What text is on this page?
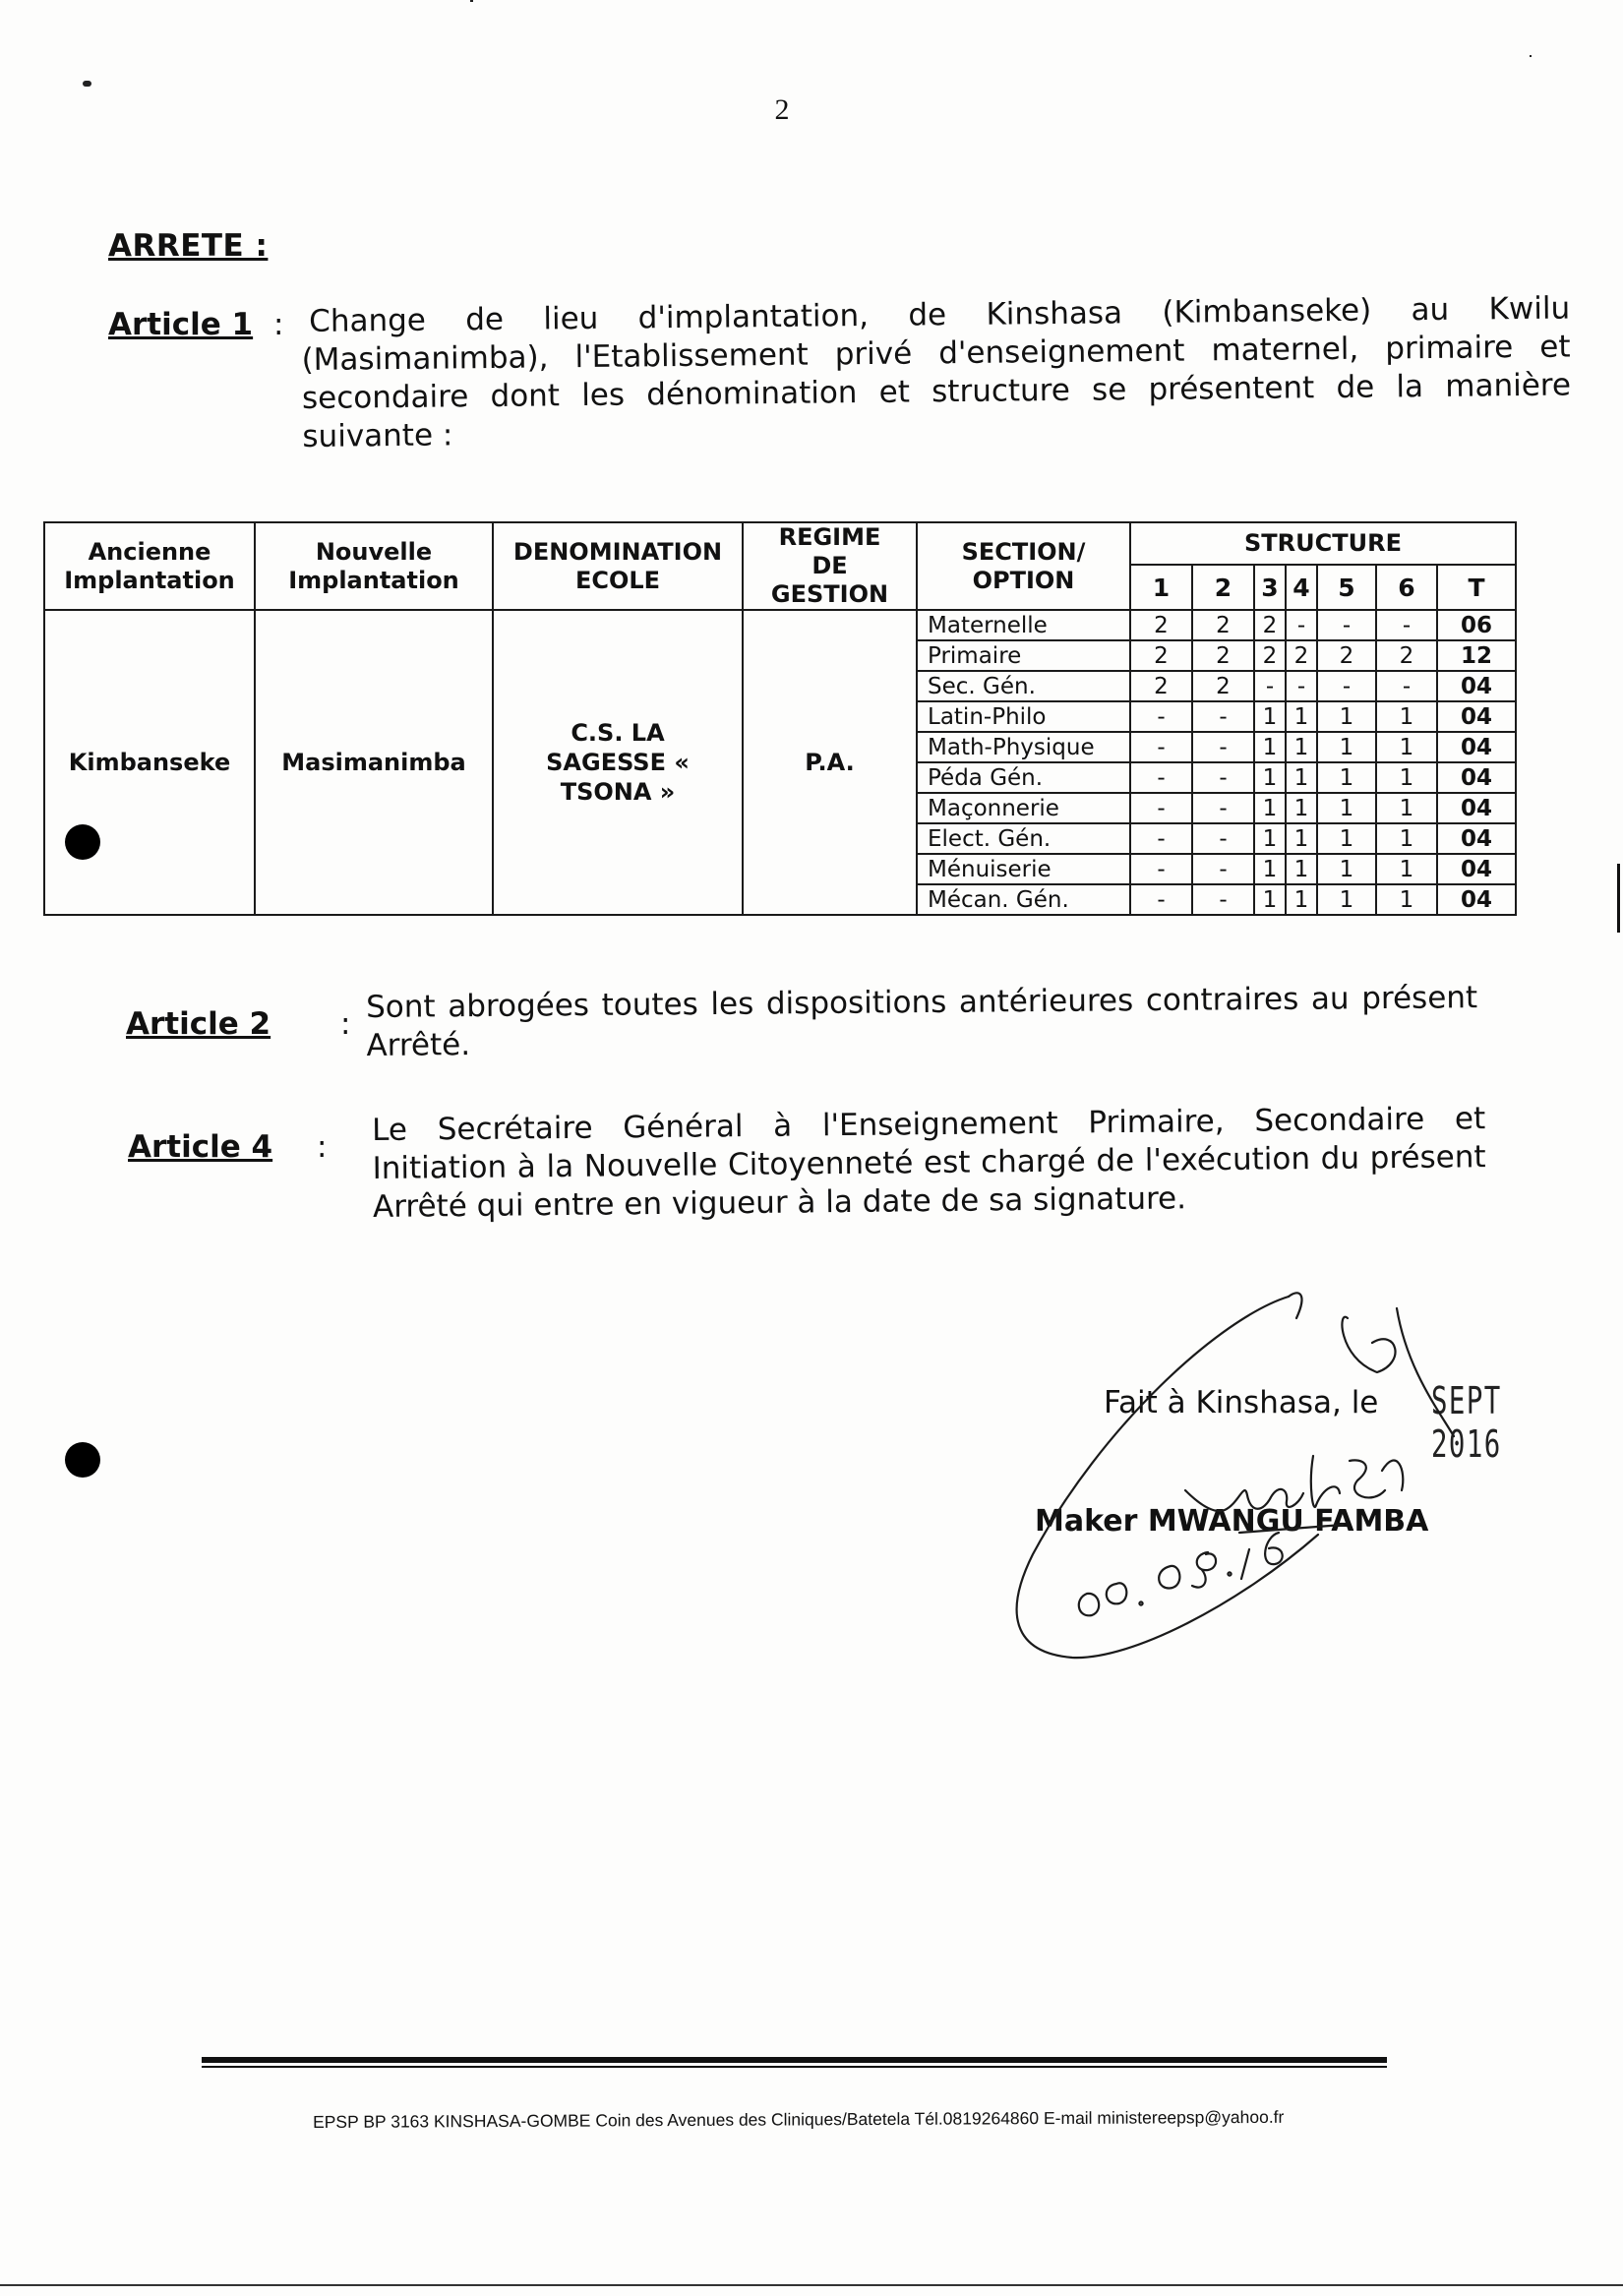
2
ARRETE :
Article 1 : Change de lieu d'implantation, de Kinshasa (Kimbanseke) au Kwilu (Masimanimba), l'Etablissement privé d'enseignement maternel, primaire et secondaire dont les dénomination et structure se présentent de la manière suivante :
Ancienne Implantation	Nouvelle Implantation	DENOMINATION ECOLE	REGIME DE GESTION	SECTION/ OPTION	STRUCTURE						
					1	2	3	4	5	6	T
Kimbanseke	Masimanimba	C.S. LA SAGESSE « TSONA »	P.A.	Maternelle	2	2	2	-	-	-	06
				Primaire	2	2	2	2	2	2	12
				Sec. Gén.	2	2	-	-	-	-	04
				Latin-Philo	-	-	1	1	1	1	04
				Math-Physique	-	-	1	1	1	1	04
				Péda Gén.	-	-	1	1	1	1	04
				Maçonnerie	-	-	1	1	1	1	04
				Elect. Gén.	-	-	1	1	1	1	04
				Ménuiserie	-	-	1	1	1	1	04
				Mécan. Gén.	-	-	1	1	1	1	04
Article 2 : Sont abrogées toutes les dispositions antérieures contraires au présent Arrêté.
Article 4 : Le Secrétaire Général à l'Enseignement Primaire, Secondaire et Initiation à la Nouvelle Citoyenneté est chargé de l'exécution du présent Arrêté qui entre en vigueur à la date de sa signature.
Fait à Kinshasa, le SEPT 2016
Maker MWANGU FAMBA
EPSP BP 3163 KINSHASA-GOMBE Coin des Avenues des Cliniques/Batetela Tél.0819264860 E-mail ministereepsp@yahoo.fr
